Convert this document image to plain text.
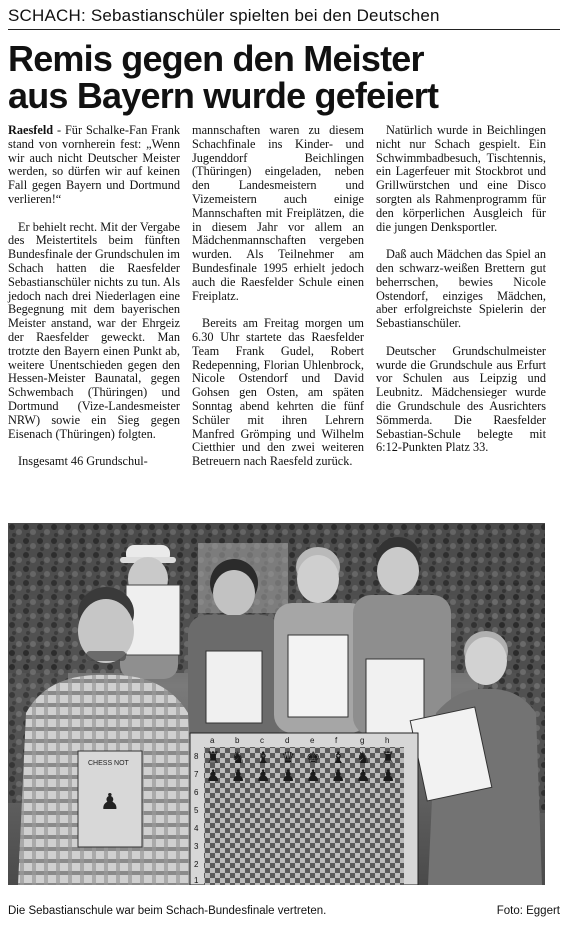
SCHACH: Sebastianschüler spielten bei den Deutschen
Remis gegen den Meister
aus Bayern wurde gefeiert

Raesfeld - Für Schalke-Fan Frank stand von vornherein fest: „Wenn wir auch nicht Deutscher Meister werden, so dürfen wir auf keinen Fall gegen Bayern und Dortmund verlieren!“

Er behielt recht. Mit der Vergabe des Meistertitels beim fünften Bundesfinale der Grundschulen im Schach hatten die Raesfelder Sebastianschüler nichts zu tun. Als jedoch nach drei Niederlagen eine Begegnung mit dem bayerischen Meister anstand, war der Ehrgeiz der Raesfelder geweckt. Man trotzte den Bayern einen Punkt ab, weitere Unentschieden gegen den Hessen-Meister Baunatal, gegen Schwembach (Thüringen) und Dortmund (Vize-Landesmeister NRW) sowie ein Sieg gegen Eisenach (Thüringen) folgten.

Insgesamt 46 Grundschul-

mannschaften waren zu diesem Schachfinale ins Kinder- und Jugenddorf Beichlingen (Thüringen) eingeladen, neben den Landesmeistern und Vizemeistern auch einige Mannschaften mit Freiplätzen, die in diesem Jahr vor allem an Mädchenmannschaften vergeben wurden. Als Teilnehmer am Bundesfinale 1995 erhielt jedoch auch die Raesfelder Schule einen Freiplatz.

Bereits am Freitag morgen um 6.30 Uhr startete das Raesfelder Team Frank Gudel, Robert Redepenning, Florian Uhlenbrock, Nicole Ostendorf und David Gohsen gen Osten, am späten Sonntag abend kehrten die fünf Schüler mit ihren Lehrern Manfred Grömping und Wilhelm Cietthier und den zwei weiteren Betreuern nach Raesfeld zurück.

Natürlich wurde in Beichlingen nicht nur Schach gespielt. Ein Schwimmbadbesuch, Tischtennis, ein Lagerfeuer mit Stockbrot und Grillwürstchen und eine Disco sorgten als Rahmenprogramm für den körperlichen Ausgleich für die jungen Denksportler.

Daß auch Mädchen das Spiel an den schwarz-weißen Brettern gut beherrschen, bewies Nicole Ostendorf, einziges Mädchen, aber erfolgreichste Spielerin der Sebastianschüler.

Deutscher Grundschulmeister wurde die Grundschule aus Erfurt vor Schulen aus Leipzig und Leubnitz. Mädchensieger wurde die Grundschule des Ausrichters Sömmerda. Die Raesfelder Sebastian-Schule belegte mit 6:12-Punkten Platz 33.

CHESS NOT
♟
a	b	c	d	e	f	g	h
8
7
6
5
4
3
2
1
♜ ♞ ♝ ♛ ♚ ♝ ♞ ♜
♟ ♟ ♟ ♟ ♟ ♟ ♟ ♟
Die Sebastianschule war beim Schach-Bundesfinale vertreten.	Foto: Eggert
